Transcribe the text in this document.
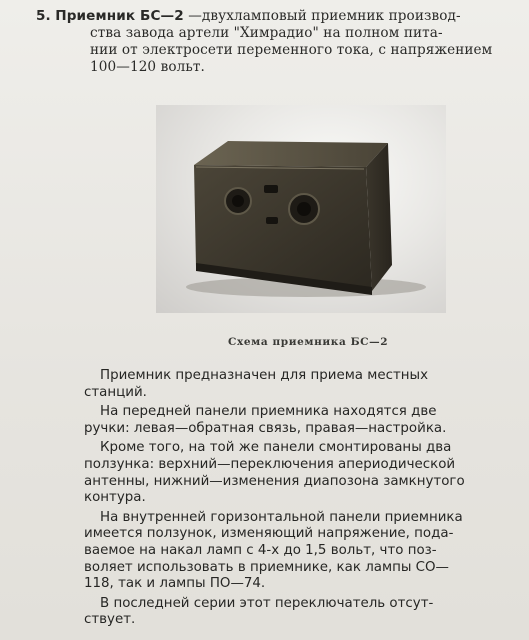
5. Приемник БС—2 —двухламповый приемник производ-
ства завода артели "Химрадио" на полном пита-
нии от электросети переменного тока, с напряжением
100—120 вольт.
Схема приемника БС—2
Приемник предназначен для приема местных
станций.
На передней панели приемника находятся две
ручки: левая—обратная связь, правая—настройка.
Кроме того, на той же панели смонтированы два
ползунка: верхний—переключения апериодической
антенны, нижний—изменения диапозона замкнутого
контура.
На внутренней горизонтальной панели приемника
имеется ползунок, изменяющий напряжение, пода-
ваемое на накал ламп с 4-х до 1,5 вольт, что поз-
воляет использовать в приемнике, как лампы СО—
118, так и лампы ПО—74.
В последней серии этот переключатель отсут-
ствует.
